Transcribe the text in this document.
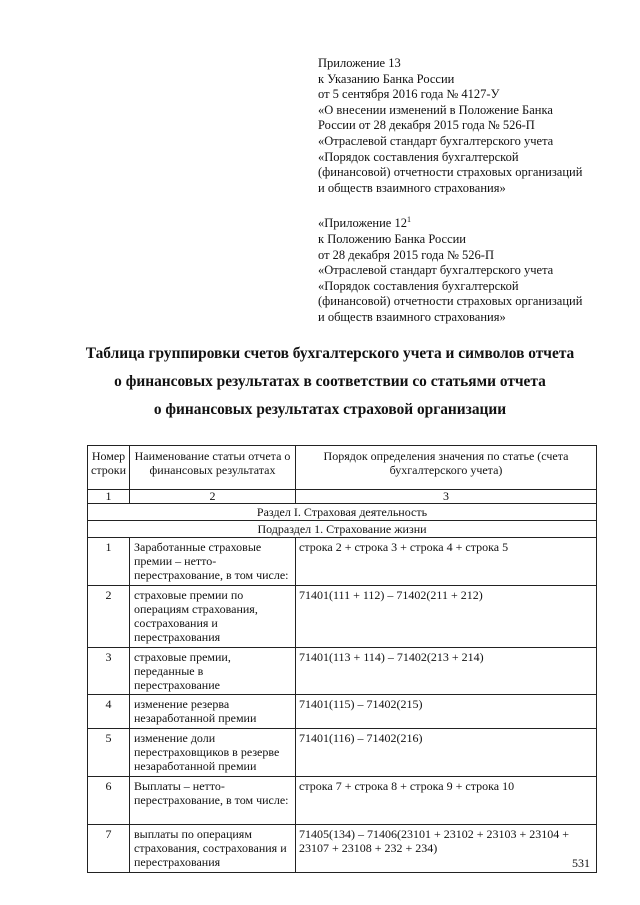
Приложение 13
к Указанию Банка России
от 5 сентября 2016 года № 4127-У
«О внесении изменений в Положение Банка
России от 28 декабря 2015 года № 526-П
«Отраслевой стандарт бухгалтерского учета
«Порядок составления бухгалтерской
(финансовой) отчетности страховых организаций
и обществ взаимного страхования»
«Приложение $12^1$
к Положению Банка России
от 28 декабря 2015 года № 526-П
«Отраслевой стандарт бухгалтерского учета
«Порядок составления бухгалтерской
(финансовой) отчетности страховых организаций
и обществ взаимного страхования»
Таблица группировки счетов бухгалтерского учета и символов отчета
о финансовых результатах в соответствии со статьями отчета
о финансовых результатах страховой организации
Номер строки	Наименование статьи отчета о финансовых результатах	Порядок определения значения по статье (счета бухгалтерского учета)
1	2	3
Раздел I. Страховая деятельность		
Подраздел 1. Страхование жизни		
1	Заработанные страховые премии – нетто-перестрахование, в том числе:	строка 2 + строка 3 + строка 4 + строка 5
2	страховые премии по операциям страхования, сострахования и перестрахования	71401(111 + 112) – 71402(211 + 212)
3	страховые премии, переданные в перестрахование	71401(113 + 114) – 71402(213 + 214)
4	изменение резерва незаработанной премии	71401(115) – 71402(215)
5	изменение доли перестраховщиков в резерве незаработанной премии	71401(116) – 71402(216)
6	Выплаты – нетто-перестрахование, в том числе:	строка 7 + строка 8 + строка 9 + строка 10
7	выплаты по операциям страхования, сострахования и перестрахования	71405(134) – 71406(23101 + 23102 + 23103 + 23104 + 23107 + 23108 + 232 + 234)
531
